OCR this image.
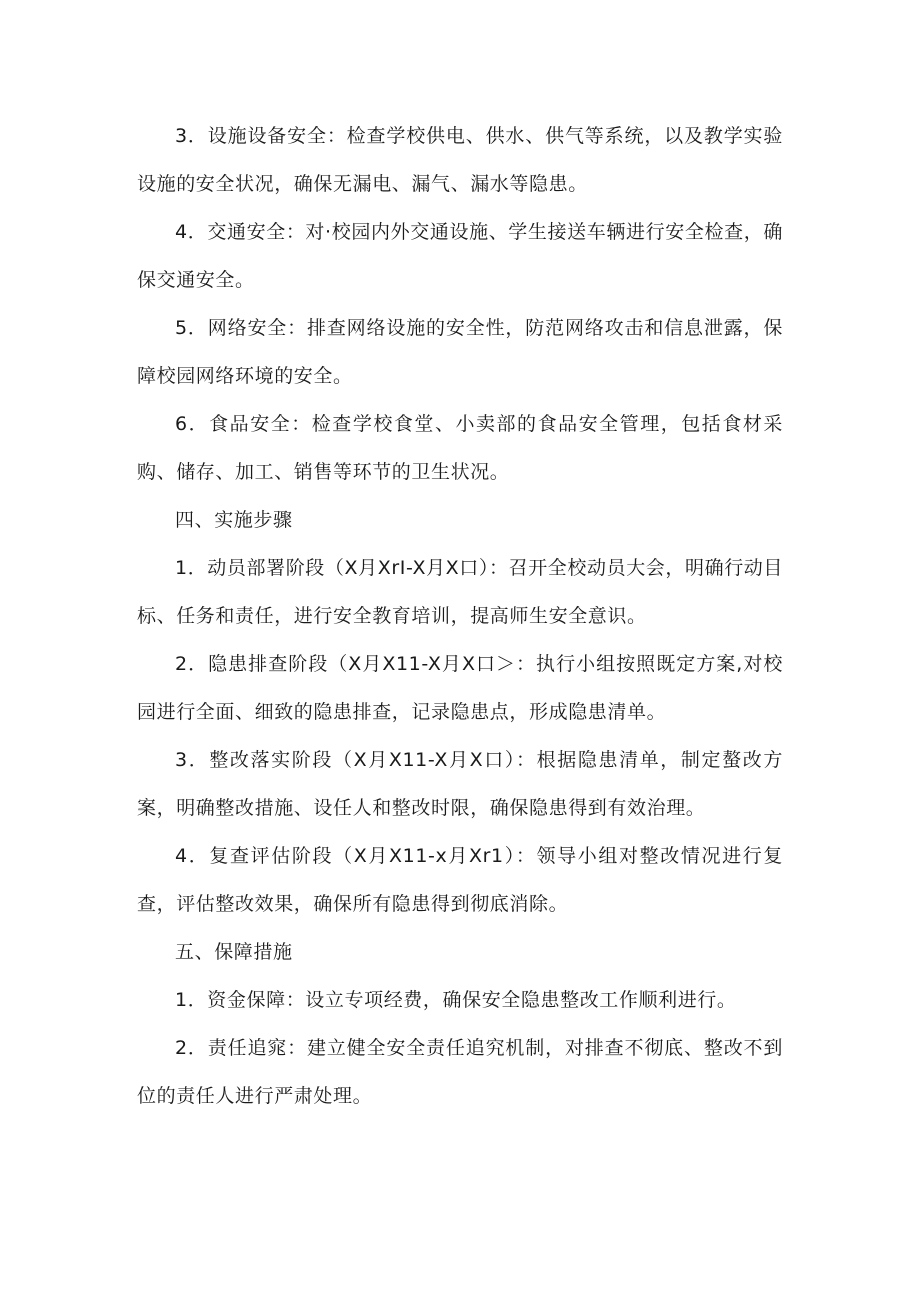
3．设施设备安全：检查学校供电、供水、供气等系统，以及教学实验设施的安全状况，确保无漏电、漏气、漏水等隐患。

4．交通安全：对·校园内外交通设施、学生接送车辆进行安全检查，确保交通安全。

5．网络安全：排查网络设施的安全性，防范网络攻击和信息泄露，保障校园网络环境的安全。

6．食品安全：检查学校食堂、小卖部的食品安全管理，包括食材采购、储存、加工、销售等环节的卫生状况。

四、实施步骤

1．动员部署阶段（X月XrI-X月X口）：召开全校动员大会，明确行动目标、任务和责任，进行安全教育培训，提高师生安全意识。

2．隐患排查阶段（X月X11-X月X口＞：执行小组按照既定方案,对校园进行全面、细致的隐患排查，记录隐患点，形成隐患清单。

3．整改落实阶段（X月X11-X月X口）：根据隐患清单，制定螯改方案，明确整改措施、设任人和整改时限，确保隐患得到有效治理。

4．复查评估阶段（X月X11-x月Xr1）：领导小组对整改情况进行复查，评估整改效果，确保所有隐患得到彻底消除。

五、保障措施

1．资金保障：设立专项经费，确保安全隐患整改工作顺利进行。

2．责任追窕：建立健全安全责任追究机制，对排查不彻底、整改不到位的责任人进行严肃处理。
